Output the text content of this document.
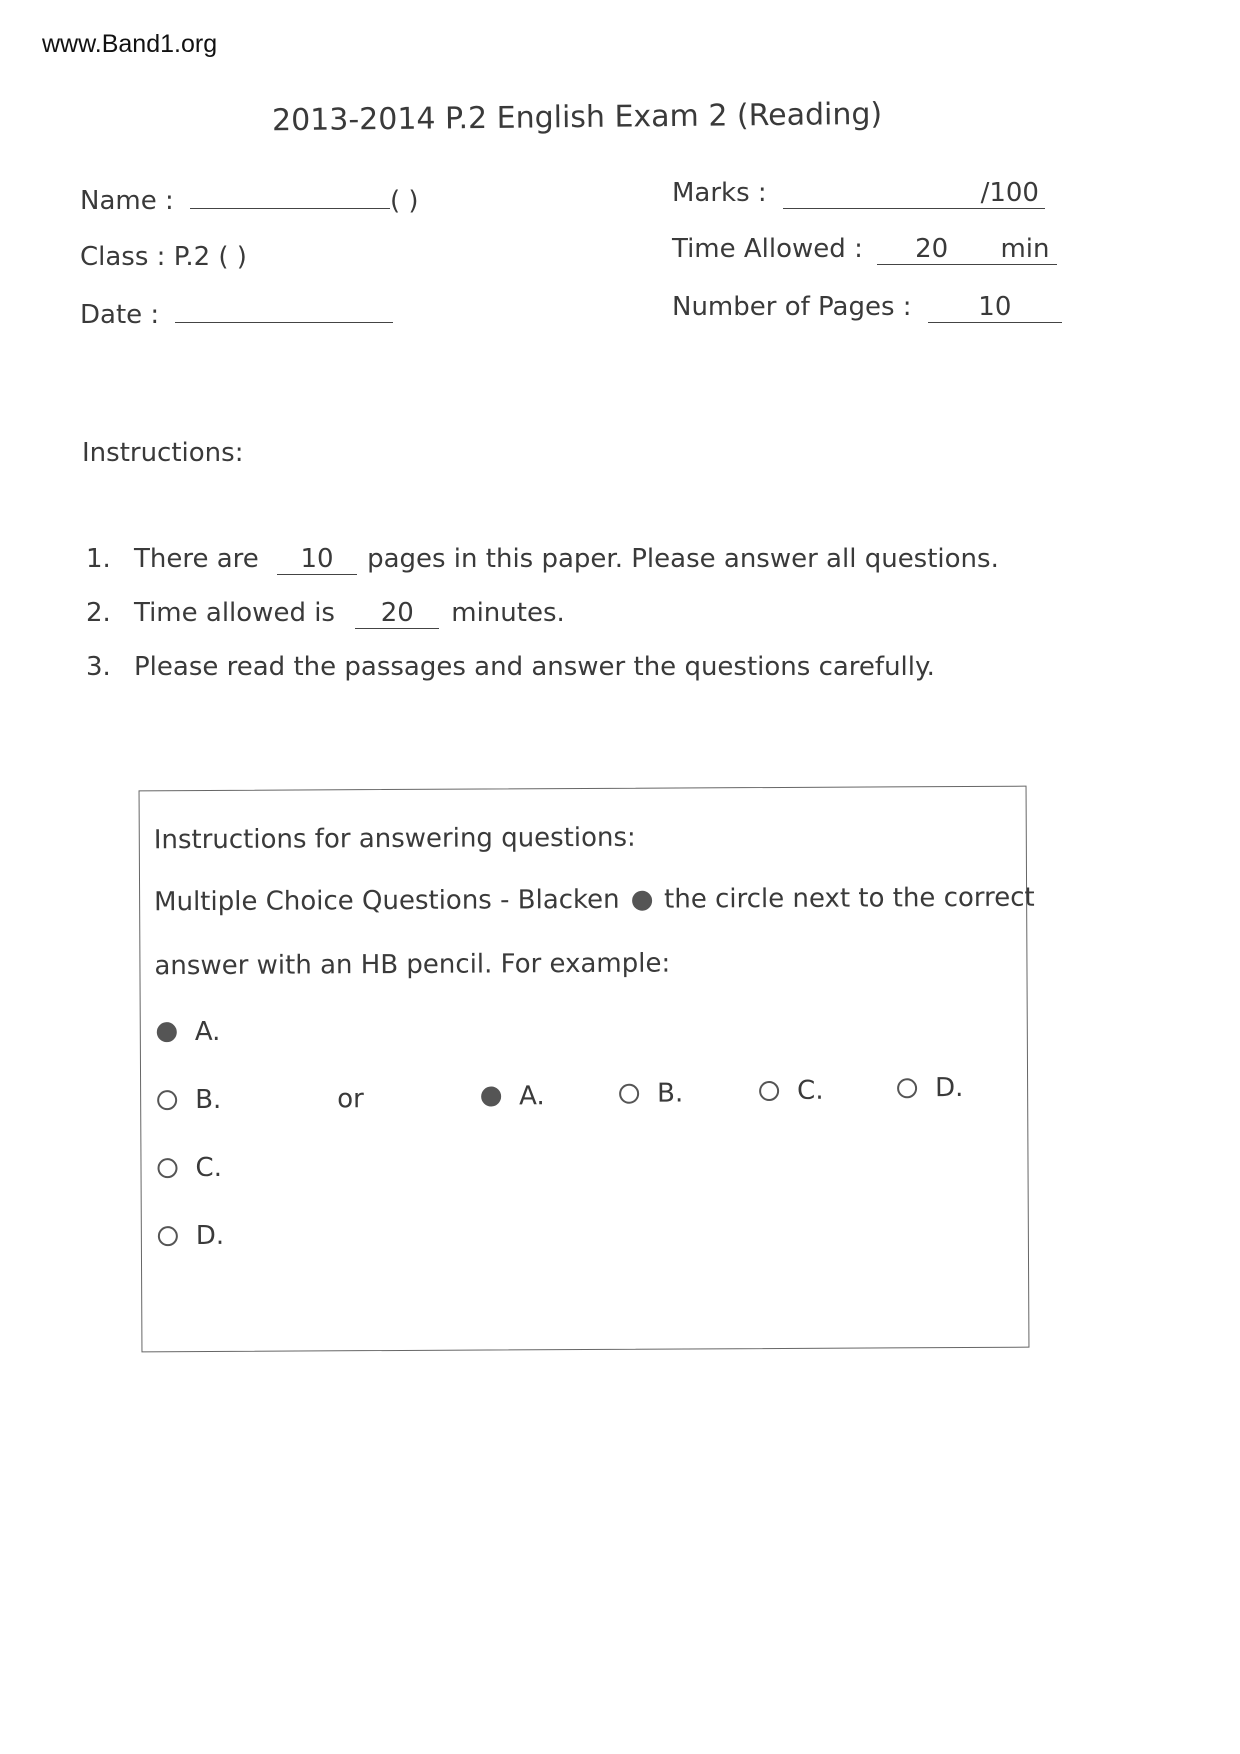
www.Band1.org
2013-2014 P.2 English Exam 2 (Reading)
Name :	( )
Class : P.2 ( )
Date :
Marks :	/100
Time Allowed : 20 min
Number of Pages :	10
Instructions:
1. There are 10 pages in this paper. Please answer all questions.
2. Time allowed is 20 minutes.
3. Please read the passages and answer the questions carefully.
Instructions for answering questions:
Multiple Choice Questions - Blacken the circle next to the correct
answer with an HB pencil. For example:
A.
B.
C.
D.
or	A.	B.	C.	D.
